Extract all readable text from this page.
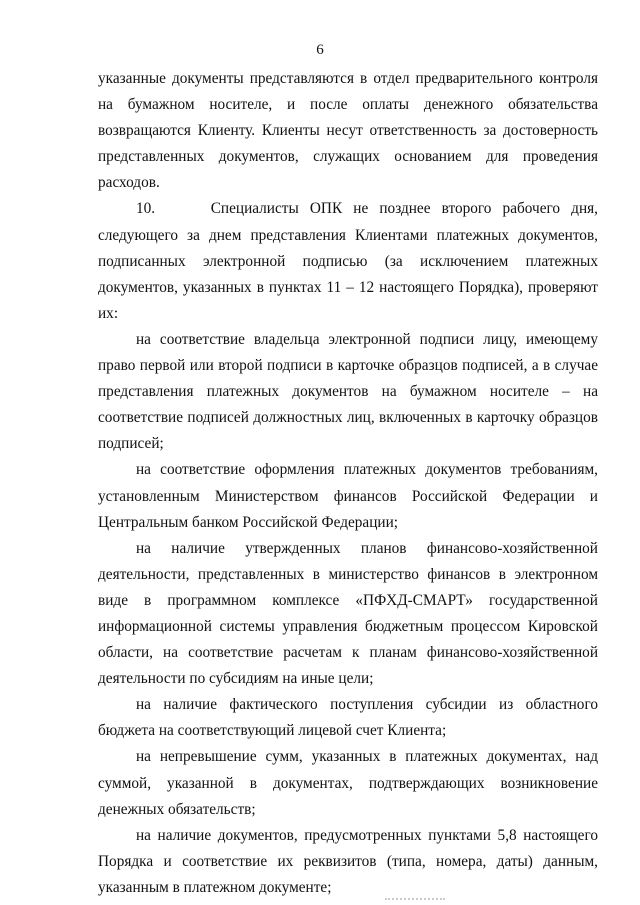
6

указанные документы представляются в отдел предварительного контроля на бумажном носителе, и после оплаты денежного обязательства возвращаются Клиенту. Клиенты несут ответственность за достоверность представленных документов, служащих основанием для проведения расходов.

10.     Специалисты ОПК не позднее второго рабочего дня, следующего за днем представления Клиентами платежных документов, подписанных электронной подписью (за исключением платежных документов, указанных в пунктах 11 – 12 настоящего Порядка), проверяют их:

на соответствие владельца электронной подписи лицу, имеющему право первой или второй подписи в карточке образцов подписей, а в случае представления платежных документов на бумажном носителе – на соответствие подписей должностных лиц, включенных в карточку образцов подписей;

на соответствие оформления платежных документов требованиям, установленным Министерством финансов Российской Федерации и Центральным банком Российской Федерации;

на наличие утвержденных планов финансово-хозяйственной деятельности, представленных в министерство финансов в электронном виде в программном комплексе «ПФХД-СМАРТ» государственной информационной системы управления бюджетным процессом Кировской области, на соответствие расчетам к планам финансово-хозяйственной деятельности по субсидиям на иные цели;

на наличие фактического поступления субсидии из областного бюджета на соответствующий лицевой счет Клиента;

на непревышение сумм, указанных в платежных документах, над суммой, указанной в документах, подтверждающих возникновение денежных обязательств;

на наличие документов, предусмотренных пунктами 5,8 настоящего Порядка и соответствие их реквизитов (типа, номера, даты) данным, указанным в платежном документе;
